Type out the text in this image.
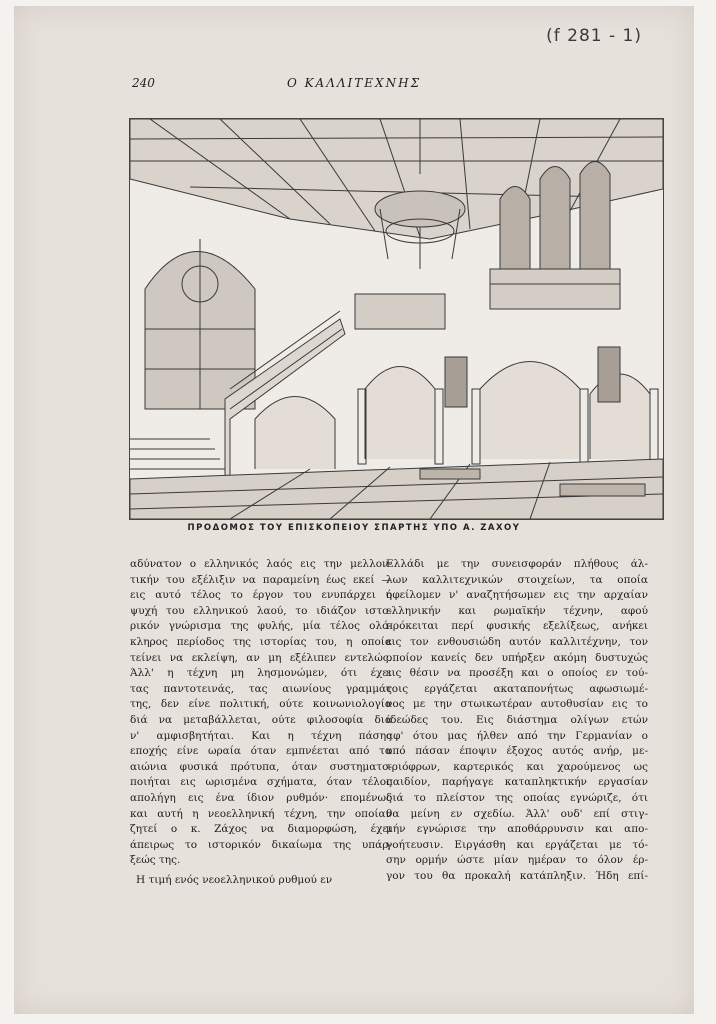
(f 281 - 1)
240	Ο ΚΑΛΛΙΤΕΧΝΗΣ
ΠΡΟΔΟΜΟΣ ΤΟΥ ΕΠΙΣΚΟΠΕΙΟΥ ΣΠΑΡΤΗΣ ΥΠΟ Α. ΖΑΧΟΥ

αδύνατον ο ελληνικός λαός εις την μελλον-

τικήν του εξέλιξιν να παραμείνη έως εκεί —

εις αυτό τέλος το έργον του ενυπάρχει ή

ψυχή του ελληνικού λαού, το ιδιάζον ιστο-

ρικόν γνώρισμα της φυλής, μία τέλος ολό-

κληρος περίοδος της ιστορίας του, η οποία

τείνει να εκλείψη, αν μη εξέλιπεν εντελώς.

Άλλ' η τέχνη μη λησμονώμεν, ότι έχει

τας παντοτεινάς, τας αιωνίους γραμμάς

της, δεν είνε πολιτική, ούτε κοινωνιολογία

διά να μεταβάλλεται, ούτε φιλοσοφία διά

ν' αμφισβητήται. Και η τέχνη πάσης

εποχής είνε ωραία όταν εμπνέεται από τα

αιώνια φυσικά πρότυπα, όταν συστηματο-

ποιήται εις ωρισμένα σχήματα, όταν τέλος

απολήγη εις ένα ίδιον ρυθμόν· επομένως

και αυτή η νεοελληνική τέχνη, την οποίαν

ζητεί ο κ. Ζάχος να διαμορφώση, έχει

άπειρως το ιστορικόν δικαίωμα της υπάρ-

ξεώς της.

Η τιμή ενός νεοελληνικού ρυθμού εν

Ελλάδι με την συνεισφοράν πλήθους άλ-

λων καλλιτεχνικών στοιχείων, τα οποία

οφείλομεν ν' αναζητήσωμεν εις την αρχαίαν

ελληνικήν και ρωμαϊκήν τέχνην, αφού

πρόκειται περί φυσικής εξελίξεως, ανήκει

εις τον ενθουσιώδη αυτόν καλλιτέχνην, τον

οποίον κανείς δεν υπήρξεν ακόμη δυστυχώς

εις θέσιν να προσέξη και ο οποίος εν τού-

τοις εργάζεται ακαταπονήτως αφωσιωμέ-

νος με την στωικωτέραν αυτοθυσίαν εις το

ιδεώδες του. Εις διάστημα ολίγων ετών

αφ' ότου μας ήλθεν από την Γερμανίαν ο

υπό πάσαν έποψιν έξοχος αυτός ανήρ, με-

τριόφρων, καρτερικός και χαρούμενος ως

παιδίον, παρήγαγε καταπληκτικήν εργασίαν

διά το πλείστον της οποίας εγνώριζε, ότι

θα μείνη εν σχεδίω. Άλλ' ουδ' επί στιγ-

μήν εγνώρισε την αποθάρρυνσιν και απο-

γοήτευσιν. Ειργάσθη και εργάζεται με τό-

σην ορμήν ώστε μίαν ημέραν το όλον έρ-

γον του θα προκαλή κατάπληξιν. Ήδη επί-
